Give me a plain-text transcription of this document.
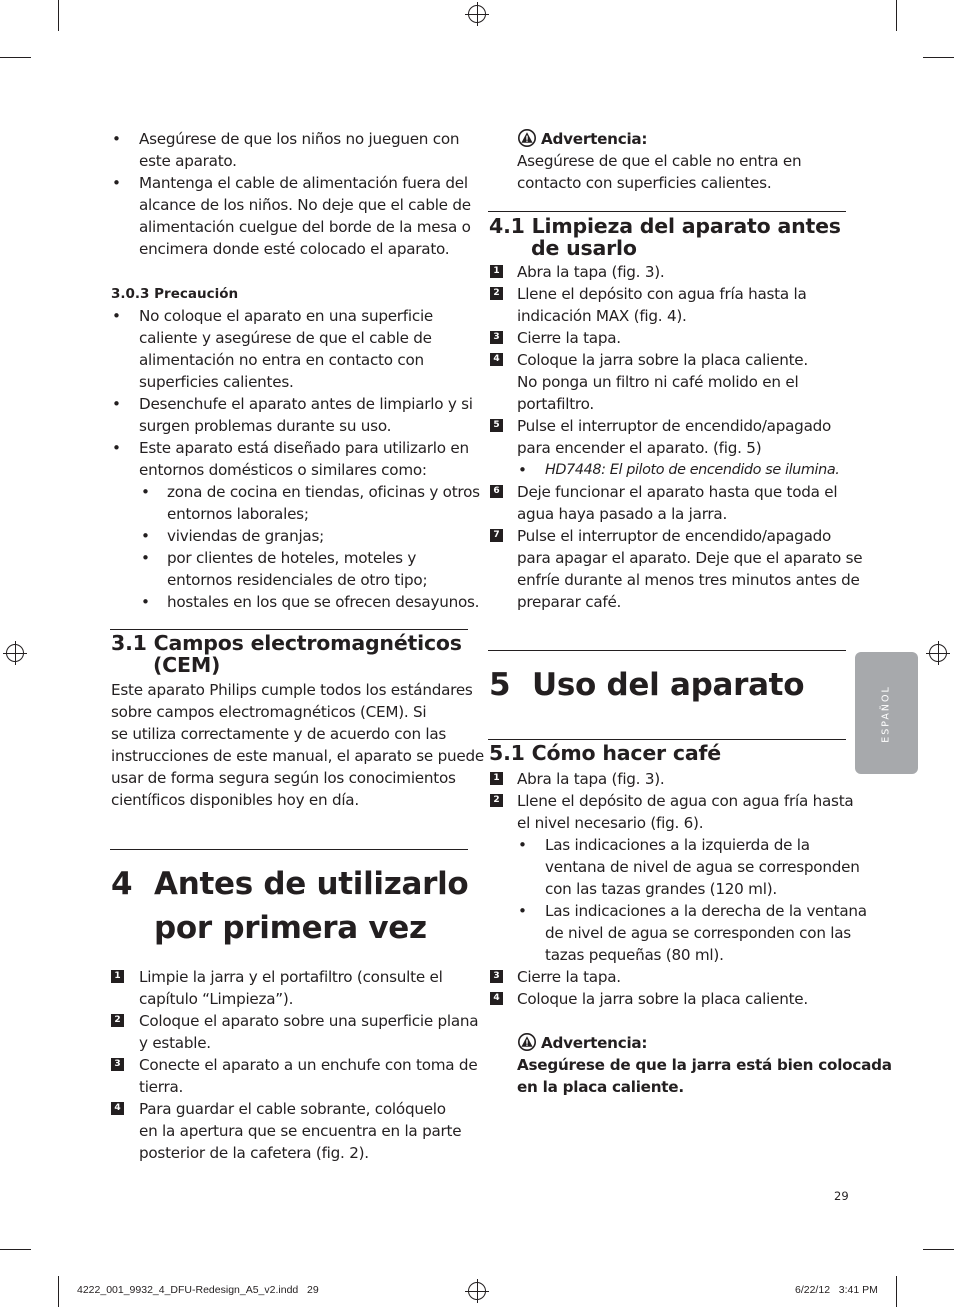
• Asegúrese de que los niños no jueguen con
este aparato.
• Mantenga el cable de alimentación fuera del
alcance de los niños. No deje que el cable de
alimentación cuelgue del borde de la mesa o
encimera donde esté colocado el aparato.
3.0.3 Precaución
• No coloque el aparato en una superficie
caliente y asegúrese de que el cable de
alimentación no entra en contacto con
superficies calientes.
• Desenchufe el aparato antes de limpiarlo y si
surgen problemas durante su uso.
• Este aparato está diseñado para utilizarlo en
entornos domésticos o similares como:
• zona de cocina en tiendas, oficinas y otros
entornos laborales;
• viviendas de granjas;
• por clientes de hoteles, moteles y
entornos residenciales de otro tipo;
• hostales en los que se ofrecen desayunos.
3.1 Campos electromagnéticos
(CEM)
Este aparato Philips cumple todos los estándares
sobre campos electromagnéticos (CEM). Si
se utiliza correctamente y de acuerdo con las
instrucciones de este manual, el aparato se puede
usar de forma segura según los conocimientos
científicos disponibles hoy en día.
4 Antes de utilizarlo
por primera vez
1 Limpie la jarra y el portafiltro (consulte el
capítulo “Limpieza”).
2 Coloque el aparato sobre una superficie plana
y estable.
3 Conecte el aparato a un enchufe con toma de
tierra.
4 Para guardar el cable sobrante, colóquelo
en la apertura que se encuentra en la parte
posterior de la cafetera (fig. 2).
Advertencia:
Asegúrese de que el cable no entra en
contacto con superficies calientes.
4.1 Limpieza del aparato antes
de usarlo
1 Abra la tapa (fig. 3).
2 Llene el depósito con agua fría hasta la
indicación MAX (fig. 4).
3 Cierre la tapa.
4 Coloque la jarra sobre la placa caliente.
No ponga un filtro ni café molido en el
portafiltro.
5 Pulse el interruptor de encendido/apagado
para encender el aparato. (fig. 5)
• HD7448: El piloto de encendido se ilumina.
6 Deje funcionar el aparato hasta que toda el
agua haya pasado a la jarra.
7 Pulse el interruptor de encendido/apagado
para apagar el aparato. Deje que el aparato se
enfríe durante al menos tres minutos antes de
preparar café.
5 Uso del aparato
5.1 Cómo hacer café
1 Abra la tapa (fig. 3).
2 Llene el depósito de agua con agua fría hasta
el nivel necesario (fig. 6).
• Las indicaciones a la izquierda de la
ventana de nivel de agua se corresponden
con las tazas grandes (120 ml).
• Las indicaciones a la derecha de la ventana
de nivel de agua se corresponden con las
tazas pequeñas (80 ml).
3 Cierre la tapa.
4 Coloque la jarra sobre la placa caliente.
Advertencia:
Asegúrese de que la jarra está bien colocada
en la placa caliente.
ESPAÑOL
29
4222_001_9932_4_DFU-Redesign_A5_v2.indd   29	6/22/12   3:41 PM
